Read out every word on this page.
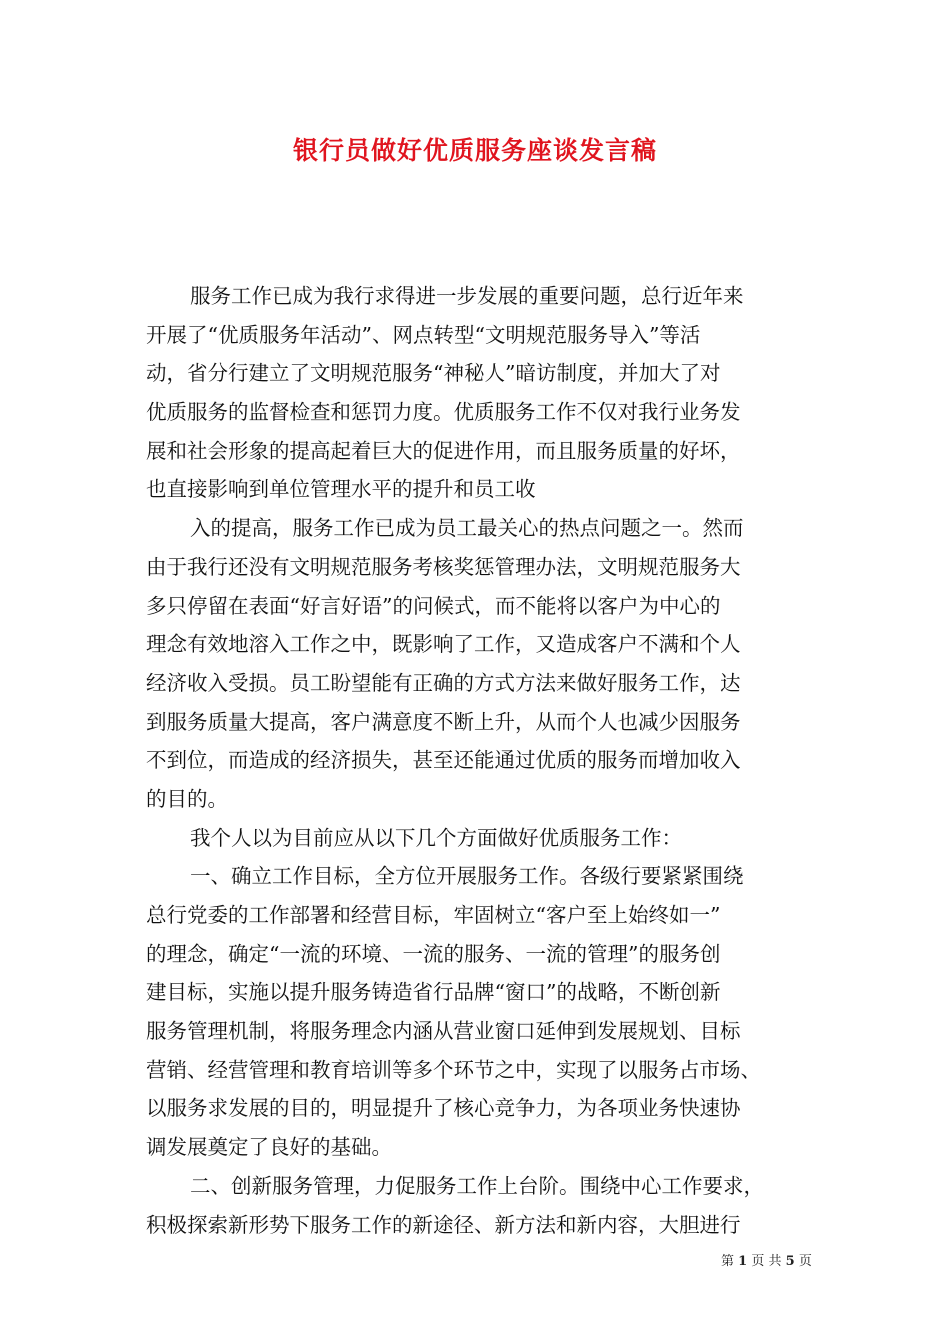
银行员做好优质服务座谈发言稿
服务工作已成为我行求得进一步发展的重要问题，总行近年来
开展了“优质服务年活动”、网点转型“文明规范服务导入”等活
动，省分行建立了文明规范服务“神秘人”暗访制度，并加大了对
优质服务的监督检查和惩罚力度。优质服务工作不仅对我行业务发
展和社会形象的提高起着巨大的促进作用，而且服务质量的好坏，
也直接影响到单位管理水平的提升和员工收
入的提高，服务工作已成为员工最关心的热点问题之一。然而
由于我行还没有文明规范服务考核奖惩管理办法，文明规范服务大
多只停留在表面“好言好语”的问候式，而不能将以客户为中心的
理念有效地溶入工作之中，既影响了工作，又造成客户不满和个人
经济收入受损。员工盼望能有正确的方式方法来做好服务工作，达
到服务质量大提高，客户满意度不断上升，从而个人也减少因服务
不到位，而造成的经济损失，甚至还能通过优质的服务而增加收入
的目的。
我个人以为目前应从以下几个方面做好优质服务工作：
一、确立工作目标，全方位开展服务工作。各级行要紧紧围绕
总行党委的工作部署和经营目标，牢固树立“客户至上始终如一”
的理念，确定“一流的环境、一流的服务、一流的管理”的服务创
建目标，实施以提升服务铸造省行品牌“窗口”的战略，不断创新
服务管理机制，将服务理念内涵从营业窗口延伸到发展规划、目标
营销、经营管理和教育培训等多个环节之中，实现了以服务占市场、
以服务求发展的目的，明显提升了核心竞争力，为各项业务快速协
调发展奠定了良好的基础。
二、创新服务管理，力促服务工作上台阶。围绕中心工作要求，
积极探索新形势下服务工作的新途径、新方法和新内容，大胆进行
第 1 页 共 5 页
